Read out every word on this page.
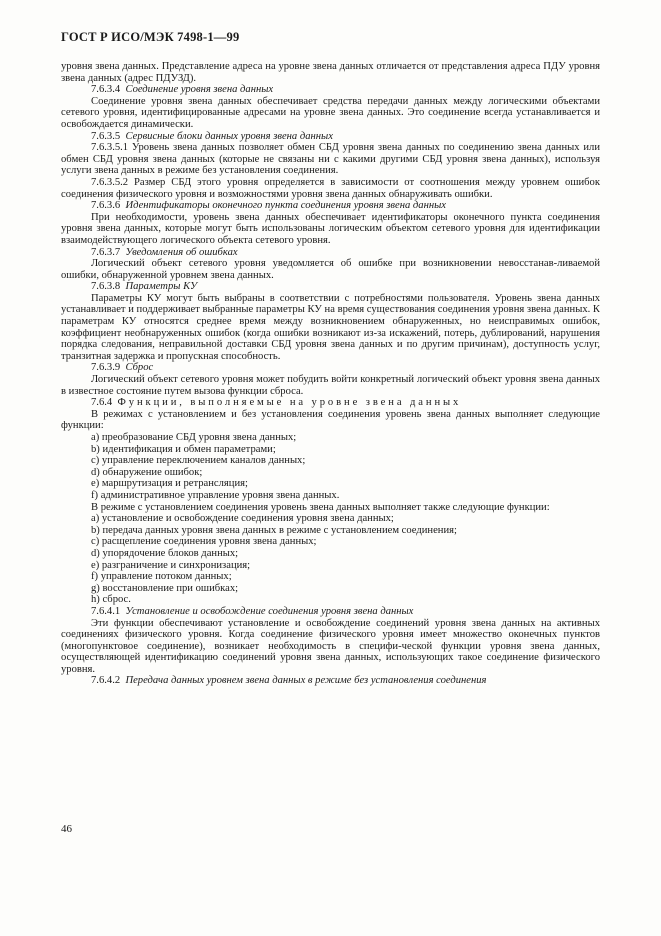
ГОСТ Р ИСО/МЭК 7498-1—99

уровня звена данных. Представление адреса на уровне звена данных отличается от представления адреса ПДУ уровня звена данных (адрес ПДУЗД).

7.6.3.4 Соединение уровня звена данных

Соединение уровня звена данных обеспечивает средства передачи данных между логическими объектами сетевого уровня, идентифицированные адресами на уровне звена данных. Это соединение всегда устанавливается и освобождается динамически.

7.6.3.5 Сервисные блоки данных уровня звена данных

7.6.3.5.1 Уровень звена данных позволяет обмен СБД уровня звена данных по соединению звена данных или обмен СБД уровня звена данных (которые не связаны ни с какими другими СБД уровня звена данных), используя услуги звена данных в режиме без установления соединения.

7.6.3.5.2 Размер СБД этого уровня определяется в зависимости от соотношения между уровнем ошибок соединения физического уровня и возможностями уровня звена данных обнаруживать ошибки.

7.6.3.6 Идентификаторы оконечного пункта соединения уровня звена данных

При необходимости, уровень звена данных обеспечивает идентификаторы оконечного пункта соединения уровня звена данных, которые могут быть использованы логическим объектом сетевого уровня для идентификации взаимодействующего логического объекта сетевого уровня.

7.6.3.7 Уведомления об ошибках

Логический объект сетевого уровня уведомляется об ошибке при возникновении невосстанав-ливаемой ошибки, обнаруженной уровнем звена данных.

7.6.3.8 Параметры КУ

Параметры КУ могут быть выбраны в соответствии с потребностями пользователя. Уровень звена данных устанавливает и поддерживает выбранные параметры КУ на время существования соединения уровня звена данных. К параметрам КУ относятся среднее время между возникновением обнаруженных, но неисправимых ошибок, коэффициент необнаруженных ошибок (когда ошибки возникают из-за искажений, потерь, дублирований, нарушения порядка следования, неправильной доставки СБД уровня звена данных и по другим причинам), доступность услуг, транзитная задержка и пропускная способность.

7.6.3.9 Сброс

Логический объект сетевого уровня может побудить войти конкретный логический объект уровня звена данных в известное состояние путем вызова функции сброса.

7.6.4 Функции, выполняемые на уровне звена данных

В режимах с установлением и без установления соединения уровень звена данных выполняет следующие функции:

a) преобразование СБД уровня звена данных;

b) идентификация и обмен параметрами;

c) управление переключением каналов данных;

d) обнаружение ошибок;

e) маршрутизация и ретрансляция;

f) административное управление уровня звена данных.

В режиме с установлением соединения уровень звена данных выполняет также следующие функции:

a) установление и освобождение соединения уровня звена данных;

b) передача данных уровня звена данных в режиме с установлением соединения;

c) расщепление соединения уровня звена данных;

d) упорядочение блоков данных;

e) разграничение и синхронизация;

f) управление потоком данных;

g) восстановление при ошибках;

h) сброс.

7.6.4.1 Установление и освобождение соединения уровня звена данных

Эти функции обеспечивают установление и освобождение соединений уровня звена данных на активных соединениях физического уровня. Когда соединение физического уровня имеет множество оконечных пунктов (многопунктовое соединение), возникает необходимость в специфи-ческой функции уровня звена данных, осуществляющей идентификацию соединений уровня звена данных, использующих такое соединение физического уровня.

7.6.4.2 Передача данных уровнем звена данных в режиме без установления соединения

46
